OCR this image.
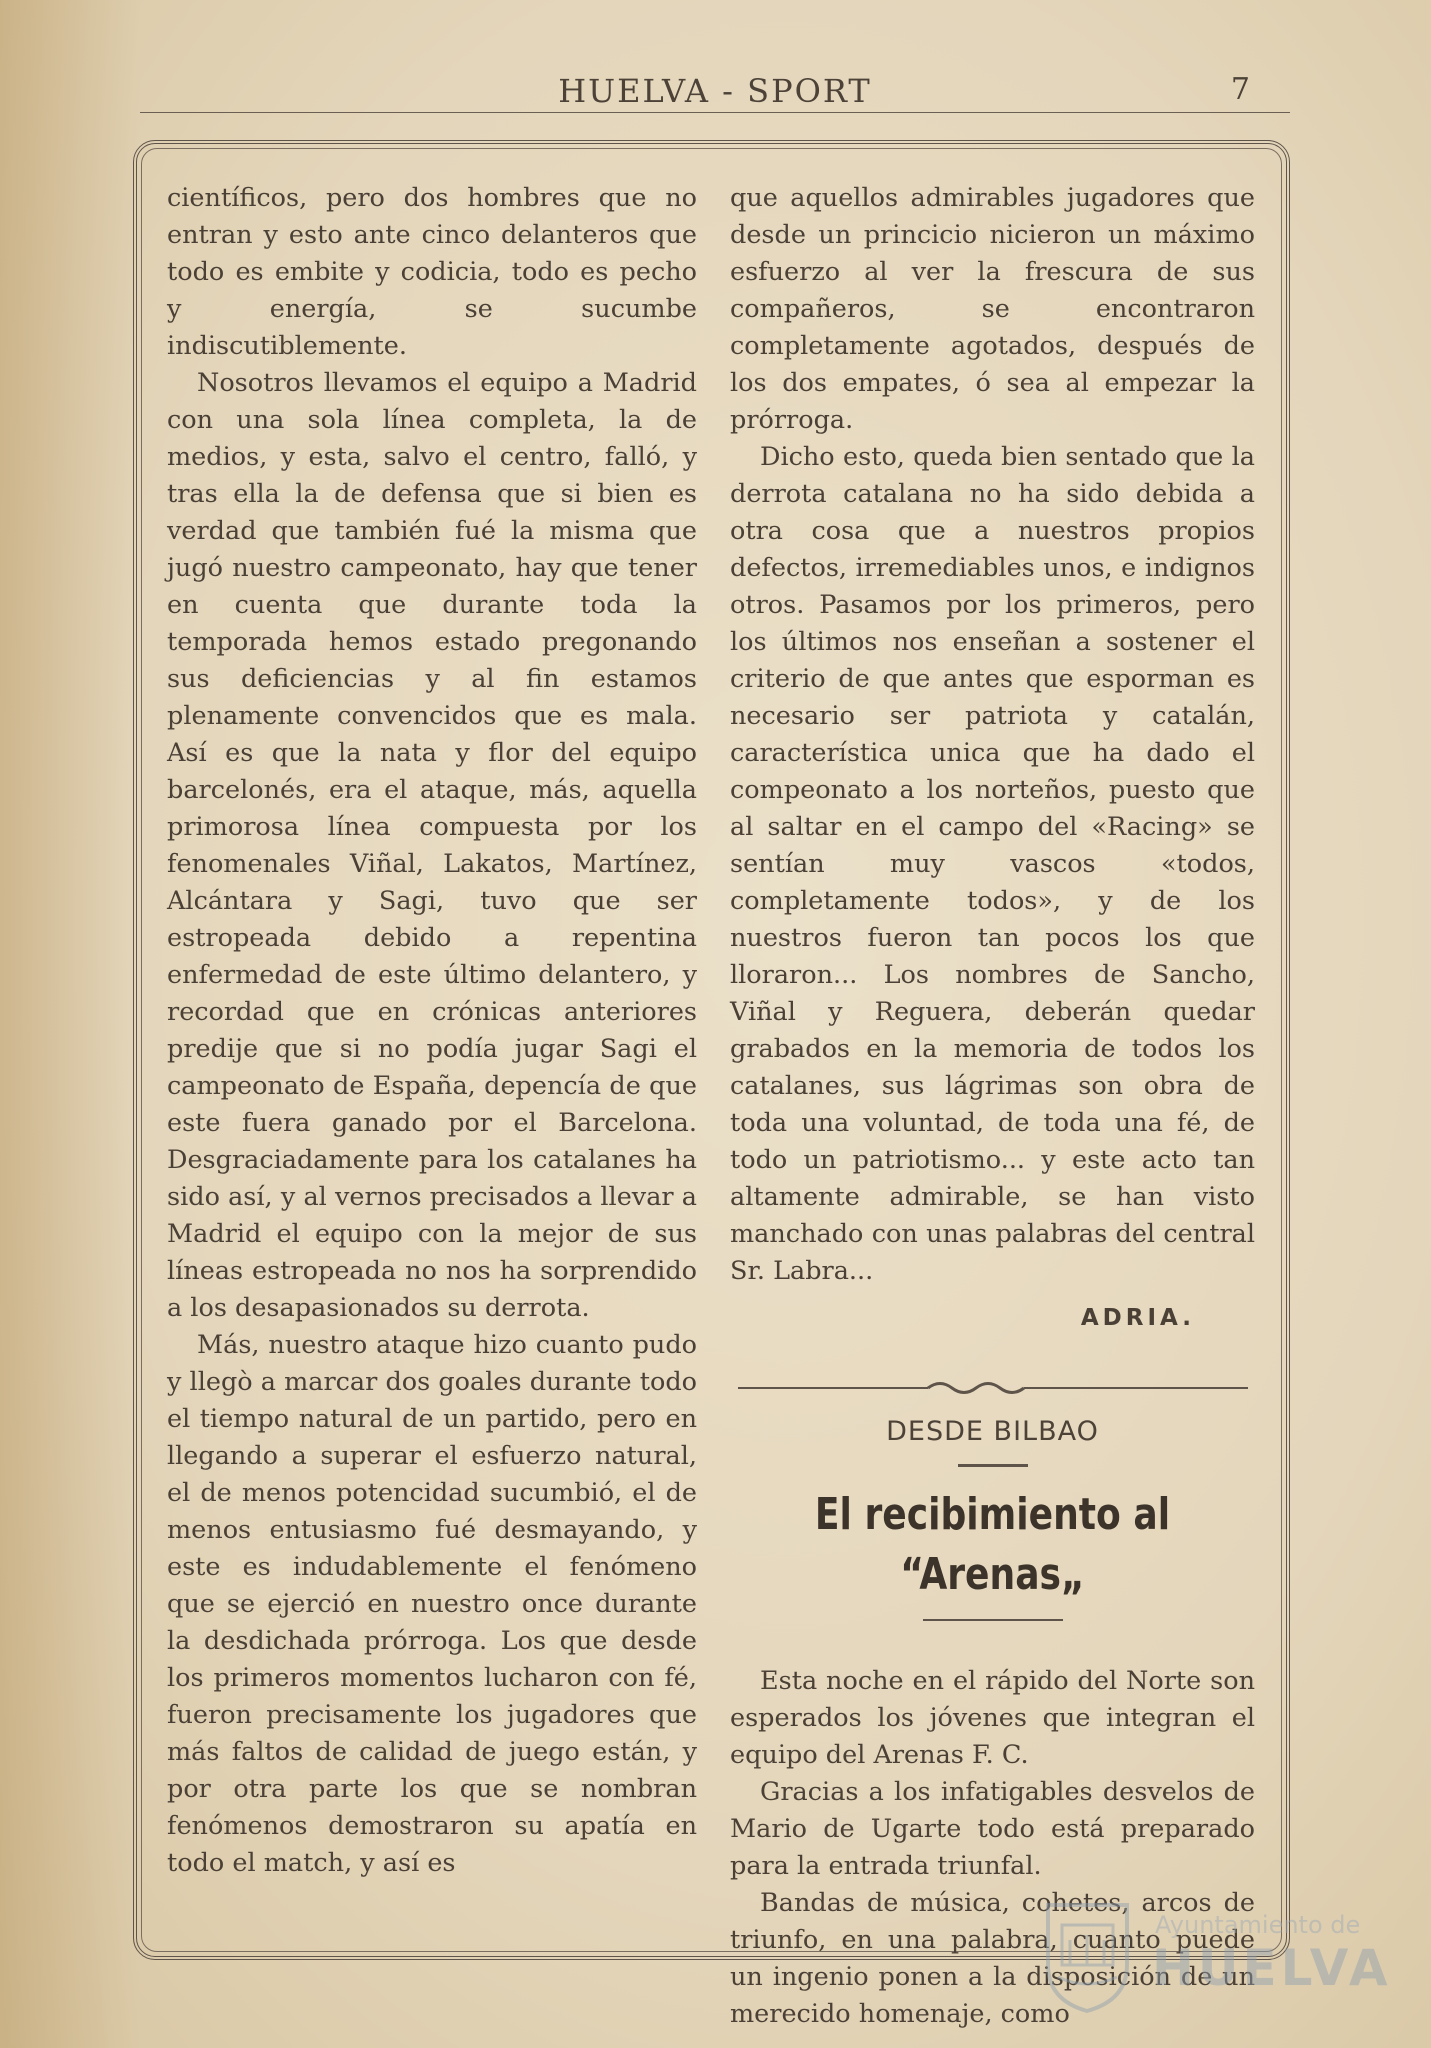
HUELVA - SPORT	7

científicos, pero dos hombres que no entran y esto ante cinco delanteros que todo es embite y codicia, todo es pecho y energía, se sucumbe indiscutiblemente.

Nosotros llevamos el equipo a Madrid con una sola línea completa, la de medios, y esta, salvo el centro, falló, y tras ella la de defensa que si bien es verdad que también fué la misma que jugó nuestro campeonato, hay que tener en cuenta que durante toda la temporada hemos estado pregonando sus deficiencias y al fin estamos plenamente convencidos que es mala. Así es que la nata y flor del equipo barcelonés, era el ataque, más, aquella primorosa línea compuesta por los fenomenales Viñal, Lakatos, Martínez, Alcántara y Sagi, tuvo que ser estropeada debido a repentina enfermedad de este último delantero, y recordad que en crónicas anteriores predije que si no podía jugar Sagi el campeonato de España, depencía de que este fuera ganado por el Barcelona. Desgraciadamente para los catalanes ha sido así, y al vernos precisados a llevar a Madrid el equipo con la mejor de sus líneas estropeada no nos ha sorprendido a los desapasionados su derrota.

Más, nuestro ataque hizo cuanto pudo y llegò a marcar dos goales durante todo el tiempo natural de un partido, pero en llegando a superar el esfuerzo natural, el de menos potencidad sucumbió, el de menos entusiasmo fué desmayando, y este es indudablemente el fenómeno que se ejerció en nuestro once durante la desdichada prórroga. Los que desde los primeros momentos lucharon con fé, fueron precisamente los jugadores que más faltos de calidad de juego están, y por otra parte los que se nombran fenómenos demostraron su apatía en todo el match, y así es

que aquellos admirables jugadores que desde un princicio nicieron un máximo esfuerzo al ver la frescura de sus compañeros, se encontraron completamente agotados, después de los dos empates, ó sea al empezar la prórroga.

Dicho esto, queda bien sentado que la derrota catalana no ha sido debida a otra cosa que a nuestros propios defectos, irremediables unos, e indignos otros. Pasamos por los primeros, pero los últimos nos enseñan a sostener el criterio de que antes que esporman es necesario ser patriota y catalán, característica unica que ha dado el compeonato a los norteños, puesto que al saltar en el campo del «Racing» se sentían muy vascos «todos, completamente todos», y de los nuestros fueron tan pocos los que lloraron... Los nombres de Sancho, Viñal y Reguera, deberán quedar grabados en la memoria de todos los catalanes, sus lágrimas son obra de toda una voluntad, de toda una fé, de todo un patriotismo... y este acto tan altamente admirable, se han visto manchado con unas palabras del central Sr. Labra...

ADRIA.
DESDE BILBAO
El recibimiento al “Arenas„

Esta noche en el rápido del Norte son esperados los jóvenes que integran el equipo del Arenas F. C.

Gracias a los infatigables desvelos de Mario de Ugarte todo está preparado para la entrada triunfal.

Bandas de música, cohetes, arcos de triunfo, en una palabra, cuanto puede un ingenio ponen a la disposición de un merecido homenaje, como

Ayuntamiento de
HUELVA
